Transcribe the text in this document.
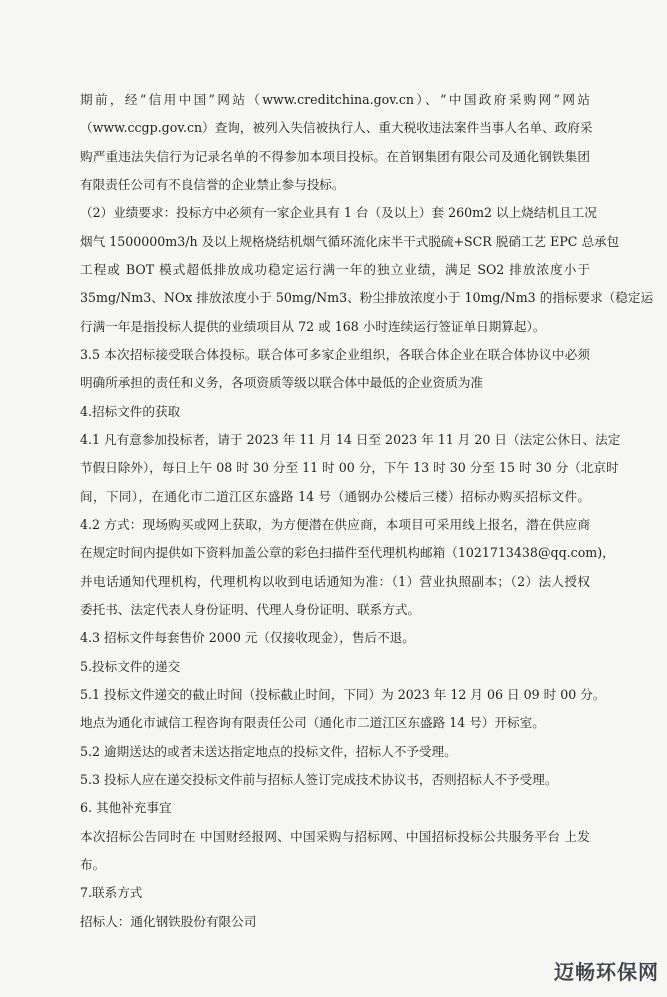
期前，经“信用中国”网站（www.creditchina.gov.cn）、“中国政府采购网”网站
（www.ccgp.gov.cn）查询，被列入失信被执行人、重大税收违法案件当事人名单、政府采
购严重违法失信行为记录名单的不得参加本项目投标。在首钢集团有限公司及通化钢铁集团
有限责任公司有不良信誉的企业禁止参与投标。
（2）业绩要求：投标方中必须有一家企业具有 1 台（及以上）套 260m2 以上烧结机且工况
烟气 1500000m3/h 及以上规格烧结机烟气循环流化床半干式脱硫+SCR 脱硝工艺 EPC 总承包
工程或 BOT 模式超低排放成功稳定运行满一年的独立业绩，满足 SO2 排放浓度小于
35mg/Nm3、NOx 排放浓度小于 50mg/Nm3、粉尘排放浓度小于 10mg/Nm3 的指标要求（稳定运
行满一年是指投标人提供的业绩项目从 72 或 168 小时连续运行签证单日期算起）。
3.5 本次招标接受联合体投标。联合体可多家企业组织，各联合体企业在联合体协议中必须
明确所承担的责任和义务，各项资质等级以联合体中最低的企业资质为准
4.招标文件的获取
4.1 凡有意参加投标者，请于 2023 年 11 月 14 日至 2023 年 11 月 20 日（法定公休日、法定
节假日除外），每日上午 08 时 30 分至 11 时 00 分，下午 13 时 30 分至 15 时 30 分（北京时
间，下同），在通化市二道江区东盛路 14 号（通钢办公楼后三楼）招标办购买招标文件。
4.2 方式：现场购买或网上获取，为方便潜在供应商，本项目可采用线上报名，潜在供应商
在规定时间内提供如下资料加盖公章的彩色扫描件至代理机构邮箱（1021713438@qq.com)，
并电话通知代理机构，代理机构以收到电话通知为准：（1）营业执照副本；（2）法人授权
委托书、法定代表人身份证明、代理人身份证明、联系方式。
4.3 招标文件每套售价 2000 元（仅接收现金），售后不退。
5.投标文件的递交
5.1 投标文件递交的截止时间（投标截止时间，下同）为 2023 年 12 月 06 日 09 时 00 分。
地点为通化市诚信工程咨询有限责任公司（通化市二道江区东盛路 14 号）开标室。
5.2 逾期送达的或者未送达指定地点的投标文件，招标人不予受理。
5.3 投标人应在递交投标文件前与招标人签订完成技术协议书，否则招标人不予受理。
6. 其他补充事宜
本次招标公告同时在 中国财经报网、中国采购与招标网、中国招标投标公共服务平台 上发
布。
7.联系方式
招标人：通化钢铁股份有限公司
迈畅环保网
